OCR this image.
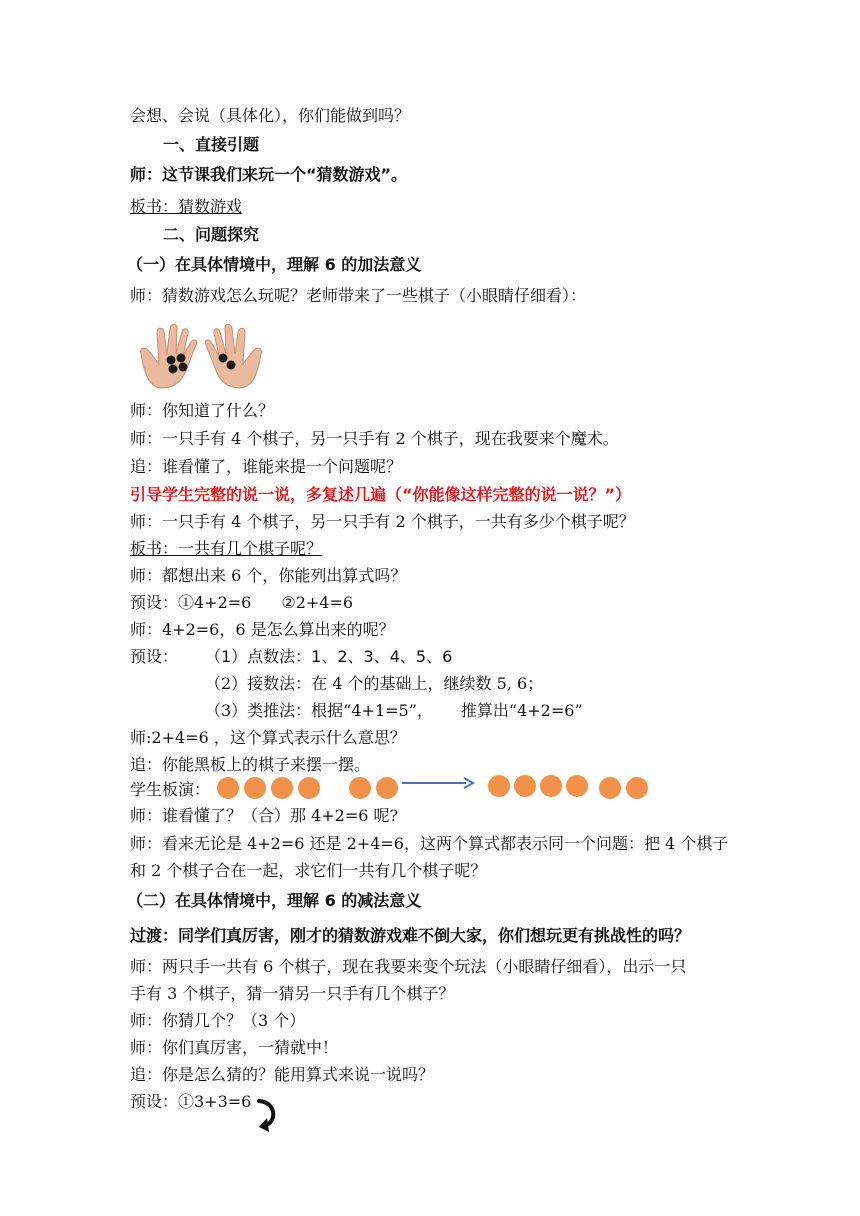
会想、会说（具体化），你们能做到吗？
一、直接引题
师：这节课我们来玩一个“猜数游戏”。
板书：猜数游戏
二、问题探究
（一）在具体情境中，理解 6 的加法意义
师：猜数游戏怎么玩呢？老师带来了一些棋子（小眼睛仔细看）：
师：你知道了什么？
师：一只手有 4 个棋子，另一只手有 2 个棋子，现在我要来个魔术。
追：谁看懂了，谁能来提一个问题呢？
引导学生完整的说一说，多复述几遍（“你能像这样完整的说一说？”）
师：一只手有 4 个棋子，另一只手有 2 个棋子，一共有多少个棋子呢？
板书：一共有几个棋子呢？
师：都想出来 6 个，你能列出算式吗？
预设：①4+2=6 ②2+4=6
师：4+2=6，6 是怎么算出来的呢？
预设： （1）点数法：1、2、3、4、5、6
（2）接数法：在 4 个的基础上，继续数 5, 6；
（3）类推法：根据“4+1=5”， 推算出“4+2=6”
师:2+4=6 ，这个算式表示什么意思？
追：你能黑板上的棋子来摆一摆。
学生板演：
师：谁看懂了？（合）那 4+2=6 呢?
师：看来无论是 4+2=6 还是 2+4=6，这两个算式都表示同一个问题：把 4 个棋子
和 2 个棋子合在一起，求它们一共有几个棋子呢？
（二）在具体情境中，理解 6 的减法意义
过渡：同学们真厉害，刚才的猜数游戏难不倒大家，你们想玩更有挑战性的吗？
师：两只手一共有 6 个棋子，现在我要来变个玩法（小眼睛仔细看），出示一只
手有 3 个棋子，猜一猜另一只手有几个棋子？
师：你猜几个？（3 个）
师：你们真厉害，一猜就中！
追：你是怎么猜的？能用算式来说一说吗？
预设：①3+3=6
